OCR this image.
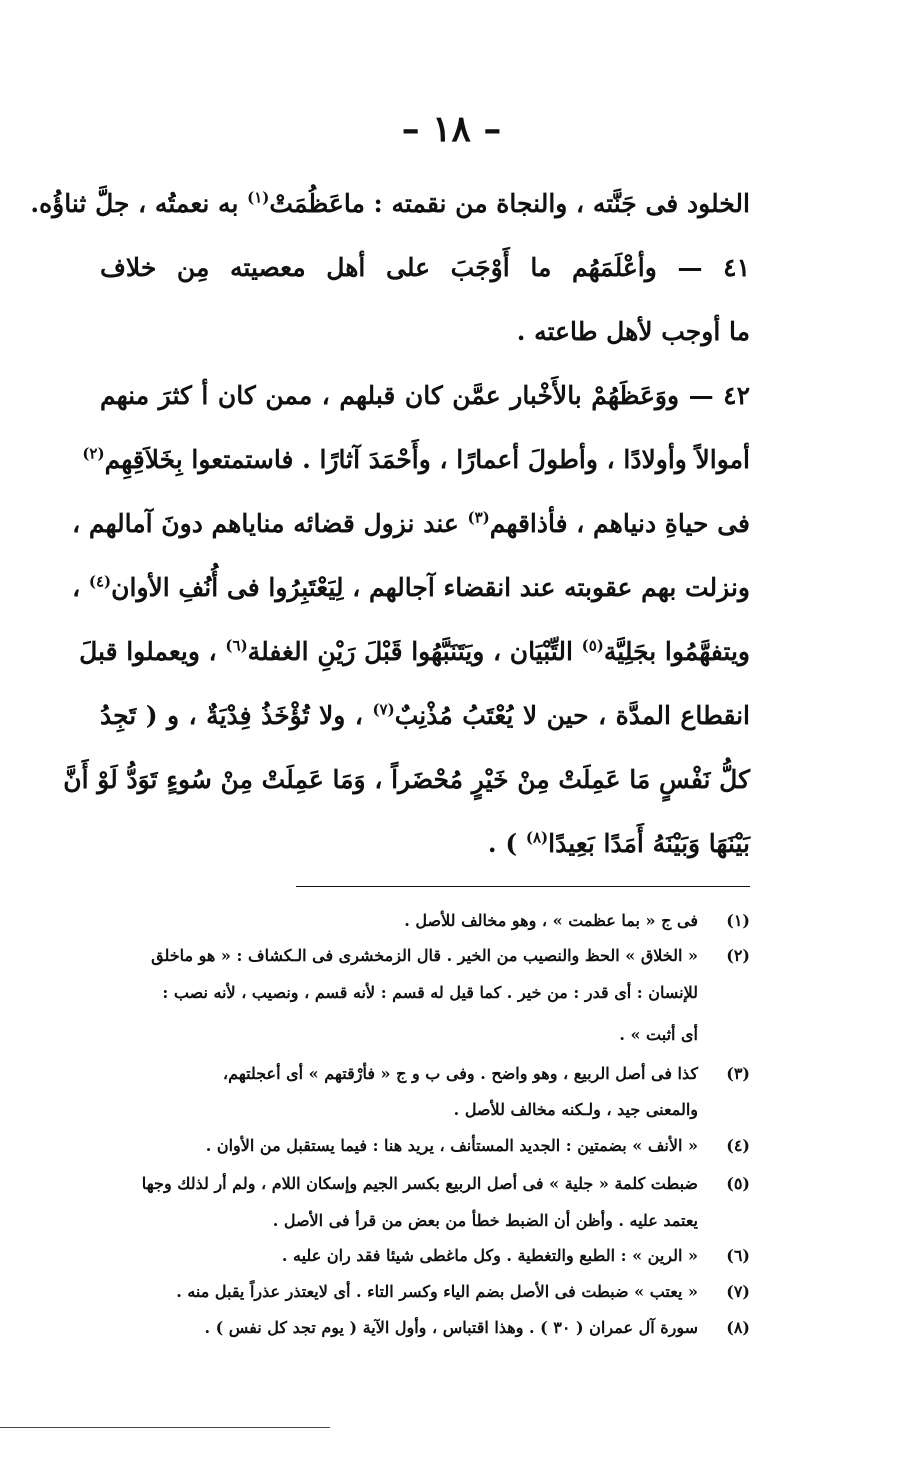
– ١٨ –
الخلود فى جَنَّته ، والنجاة من نقمته : ماعَظُمَتْ$^{(١)}$ به نعمتُه ، جلَّ ثناؤُه.
٤١ — وأعْلَمَهُم ما أَوْجَبَ على أهل معصيته مِن خلاف
ما أوجب لأهل طاعته .
٤٢ — ووَعَظَهُمْ بالأَخْبار عمَّن كان قبلهم ، ممن كان أ كثرَ منهم
أموالاً وأولادًا ، وأطولَ أعمارًا ، وأَحْمَدَ آثارًا . فاستمتعوا بِخَلاَقِهِم$^{(٢)}$
فى حياةِ دنياهم ، فأذاقهم$^{(٣)}$ عند نزول قضائه مناياهم دونَ آمالهم ،
ونزلت بهم عقوبته عند انقضاء آجالهم ، لِيَعْتَبِرُوا فى أُنُفِ الأوان$^{(٤)}$ ،
ويتفهَّمُوا بجَلِيَّة$^{(٥)}$ التِّبْيَان ، ويَتَنَبَّهُوا قَبْلَ رَيْنِ الغفلة$^{(٦)}$ ، ويعملوا قبلَ
انقطاع المدَّة ، حين لا يُعْتَبُ مُذْنِبٌ$^{(٧)}$ ، ولا تُؤْخَذُ فِدْيَةٌ ، و ( تَجِدُ
كلُّ نَفْسٍ مَا عَمِلَتْ مِنْ خَيْرٍ مُحْضَراً ، وَمَا عَمِلَتْ مِنْ سُوءٍ تَوَدُّ لَوْ أَنَّ
بَيْنَهَا وَبَيْنَهُ أَمَدًا بَعِيدًا$^{(٨)}$ ) .
(١)فى ج « بما عظمت » ، وهو مخالف للأصل .
(٢)« الخلاق » الحظ والنصيب من الخير . قال الزمخشرى فى الـكشاف : « هو ماخلق
للإنسان : أى قدر : من خير . كما قيل له قسم : لأنه قسم ، ونصيب ، لأنه نصب :
أى أثبت » .
(٣)كذا فى أصل الربيع ، وهو واضح . وفى ب و ج « فأرْقتهم » أى أعجلتهم،
والمعنى جيد ، ولـكنه مخالف للأصل .
(٤)« الأنف » بضمتين : الجديد المستأنف ، يريد هنا : فيما يستقبل من الأوان .
(٥)ضبطت كلمة « جلية » فى أصل الربيع بكسر الجيم وإسكان اللام ، ولم أر لذلك وجها
يعتمد عليه . وأظن أن الضبط خطأ من بعض من قرأ فى الأصل .
(٦)« الرين » : الطبع والتغطية . وكل ماغطى شيئا فقد ران عليه .
(٧)« يعتب » ضبطت فى الأصل بضم الياء وكسر التاء . أى لايعتذر عذراً يقبل منه .
(٨)سورة آل عمران ( ٣٠ ) . وهذا اقتباس ، وأول الآية ( يوم تجد كل نفس ) .
